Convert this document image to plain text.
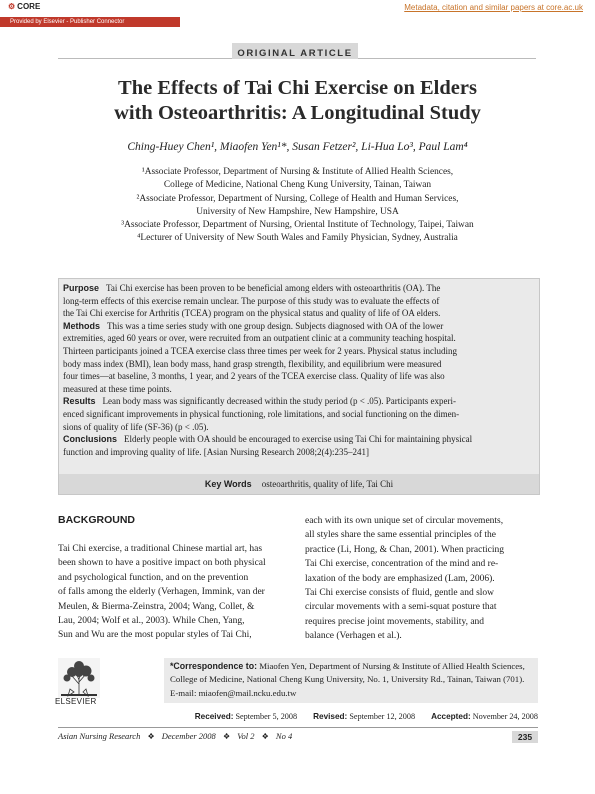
⚙ CORE	Metadata, citation and similar papers at core.ac.uk
Provided by Elsevier - Publisher Connector
ORIGINAL ARTICLE
The Effects of Tai Chi Exercise on Elders
with Osteoarthritis: A Longitudinal Study
Ching-Huey Chen¹, Miaofen Yen¹*, Susan Fetzer², Li-Hua Lo³, Paul Lam⁴
¹Associate Professor, Department of Nursing & Institute of Allied Health Sciences,
College of Medicine, National Cheng Kung University, Tainan, Taiwan
²Associate Professor, Department of Nursing, College of Health and Human Services,
University of New Hampshire, New Hampshire, USA
³Associate Professor, Department of Nursing, Oriental Institute of Technology, Taipei, Taiwan
⁴Lecturer of University of New South Wales and Family Physician, Sydney, Australia
Purpose Tai Chi exercise has been proven to be beneficial among elders with osteoarthritis (OA). The
long-term effects of this exercise remain unclear. The purpose of this study was to evaluate the effects of
the Tai Chi exercise for Arthritis (TCEA) program on the physical status and quality of life of OA elders.
Methods This was a time series study with one group design. Subjects diagnosed with OA of the lower
extremities, aged 60 years or over, were recruited from an outpatient clinic at a community teaching hospital.
Thirteen participants joined a TCEA exercise class three times per week for 2 years. Physical status including
body mass index (BMI), lean body mass, hand grasp strength, flexibility, and equilibrium were measured
four times—at baseline, 3 months, 1 year, and 2 years of the TCEA exercise class. Quality of life was also
measured at these time points.
Results Lean body mass was significantly decreased within the study period (p < .05). Participants experi-
enced significant improvements in physical functioning, role limitations, and social functioning on the dimen-
sions of quality of life (SF-36) (p < .05).
Conclusions Elderly people with OA should be encouraged to exercise using Tai Chi for maintaining physical
function and improving quality of life. [Asian Nursing Research 2008;2(4):235–241]
Key Words osteoarthritis, quality of life, Tai Chi
BACKGROUND
Tai Chi exercise, a traditional Chinese martial art, has
been shown to have a positive impact on both physical
and psychological function, and on the prevention
of falls among the elderly (Verhagen, Immink, van der
Meulen, & Bierma-Zeinstra, 2004; Wang, Collet, &
Lau, 2004; Wolf et al., 2003). While Chen, Yang,
Sun and Wu are the most popular styles of Tai Chi,
each with its own unique set of circular movements,
all styles share the same essential principles of the
practice (Li, Hong, & Chan, 2001). When practicing
Tai Chi exercise, concentration of the mind and re-
laxation of the body are emphasized (Lam, 2006).
Tai Chi exercise consists of fluid, gentle and slow
circular movements with a semi-squat posture that
requires precise joint movements, stability, and
balance (Verhagen et al.).
ELSEVIER
*Correspondence to: Miaofen Yen, Department of Nursing & Institute of Allied Health Sciences,
College of Medicine, National Cheng Kung University, No. 1, University Rd., Tainan, Taiwan (701).
E-mail: miaofen@mail.ncku.edu.tw
Received: September 5, 2008 Revised: September 12, 2008 Accepted: November 24, 2008
Asian Nursing Research ❖ December 2008 ❖ Vol 2 ❖ No 4	235
